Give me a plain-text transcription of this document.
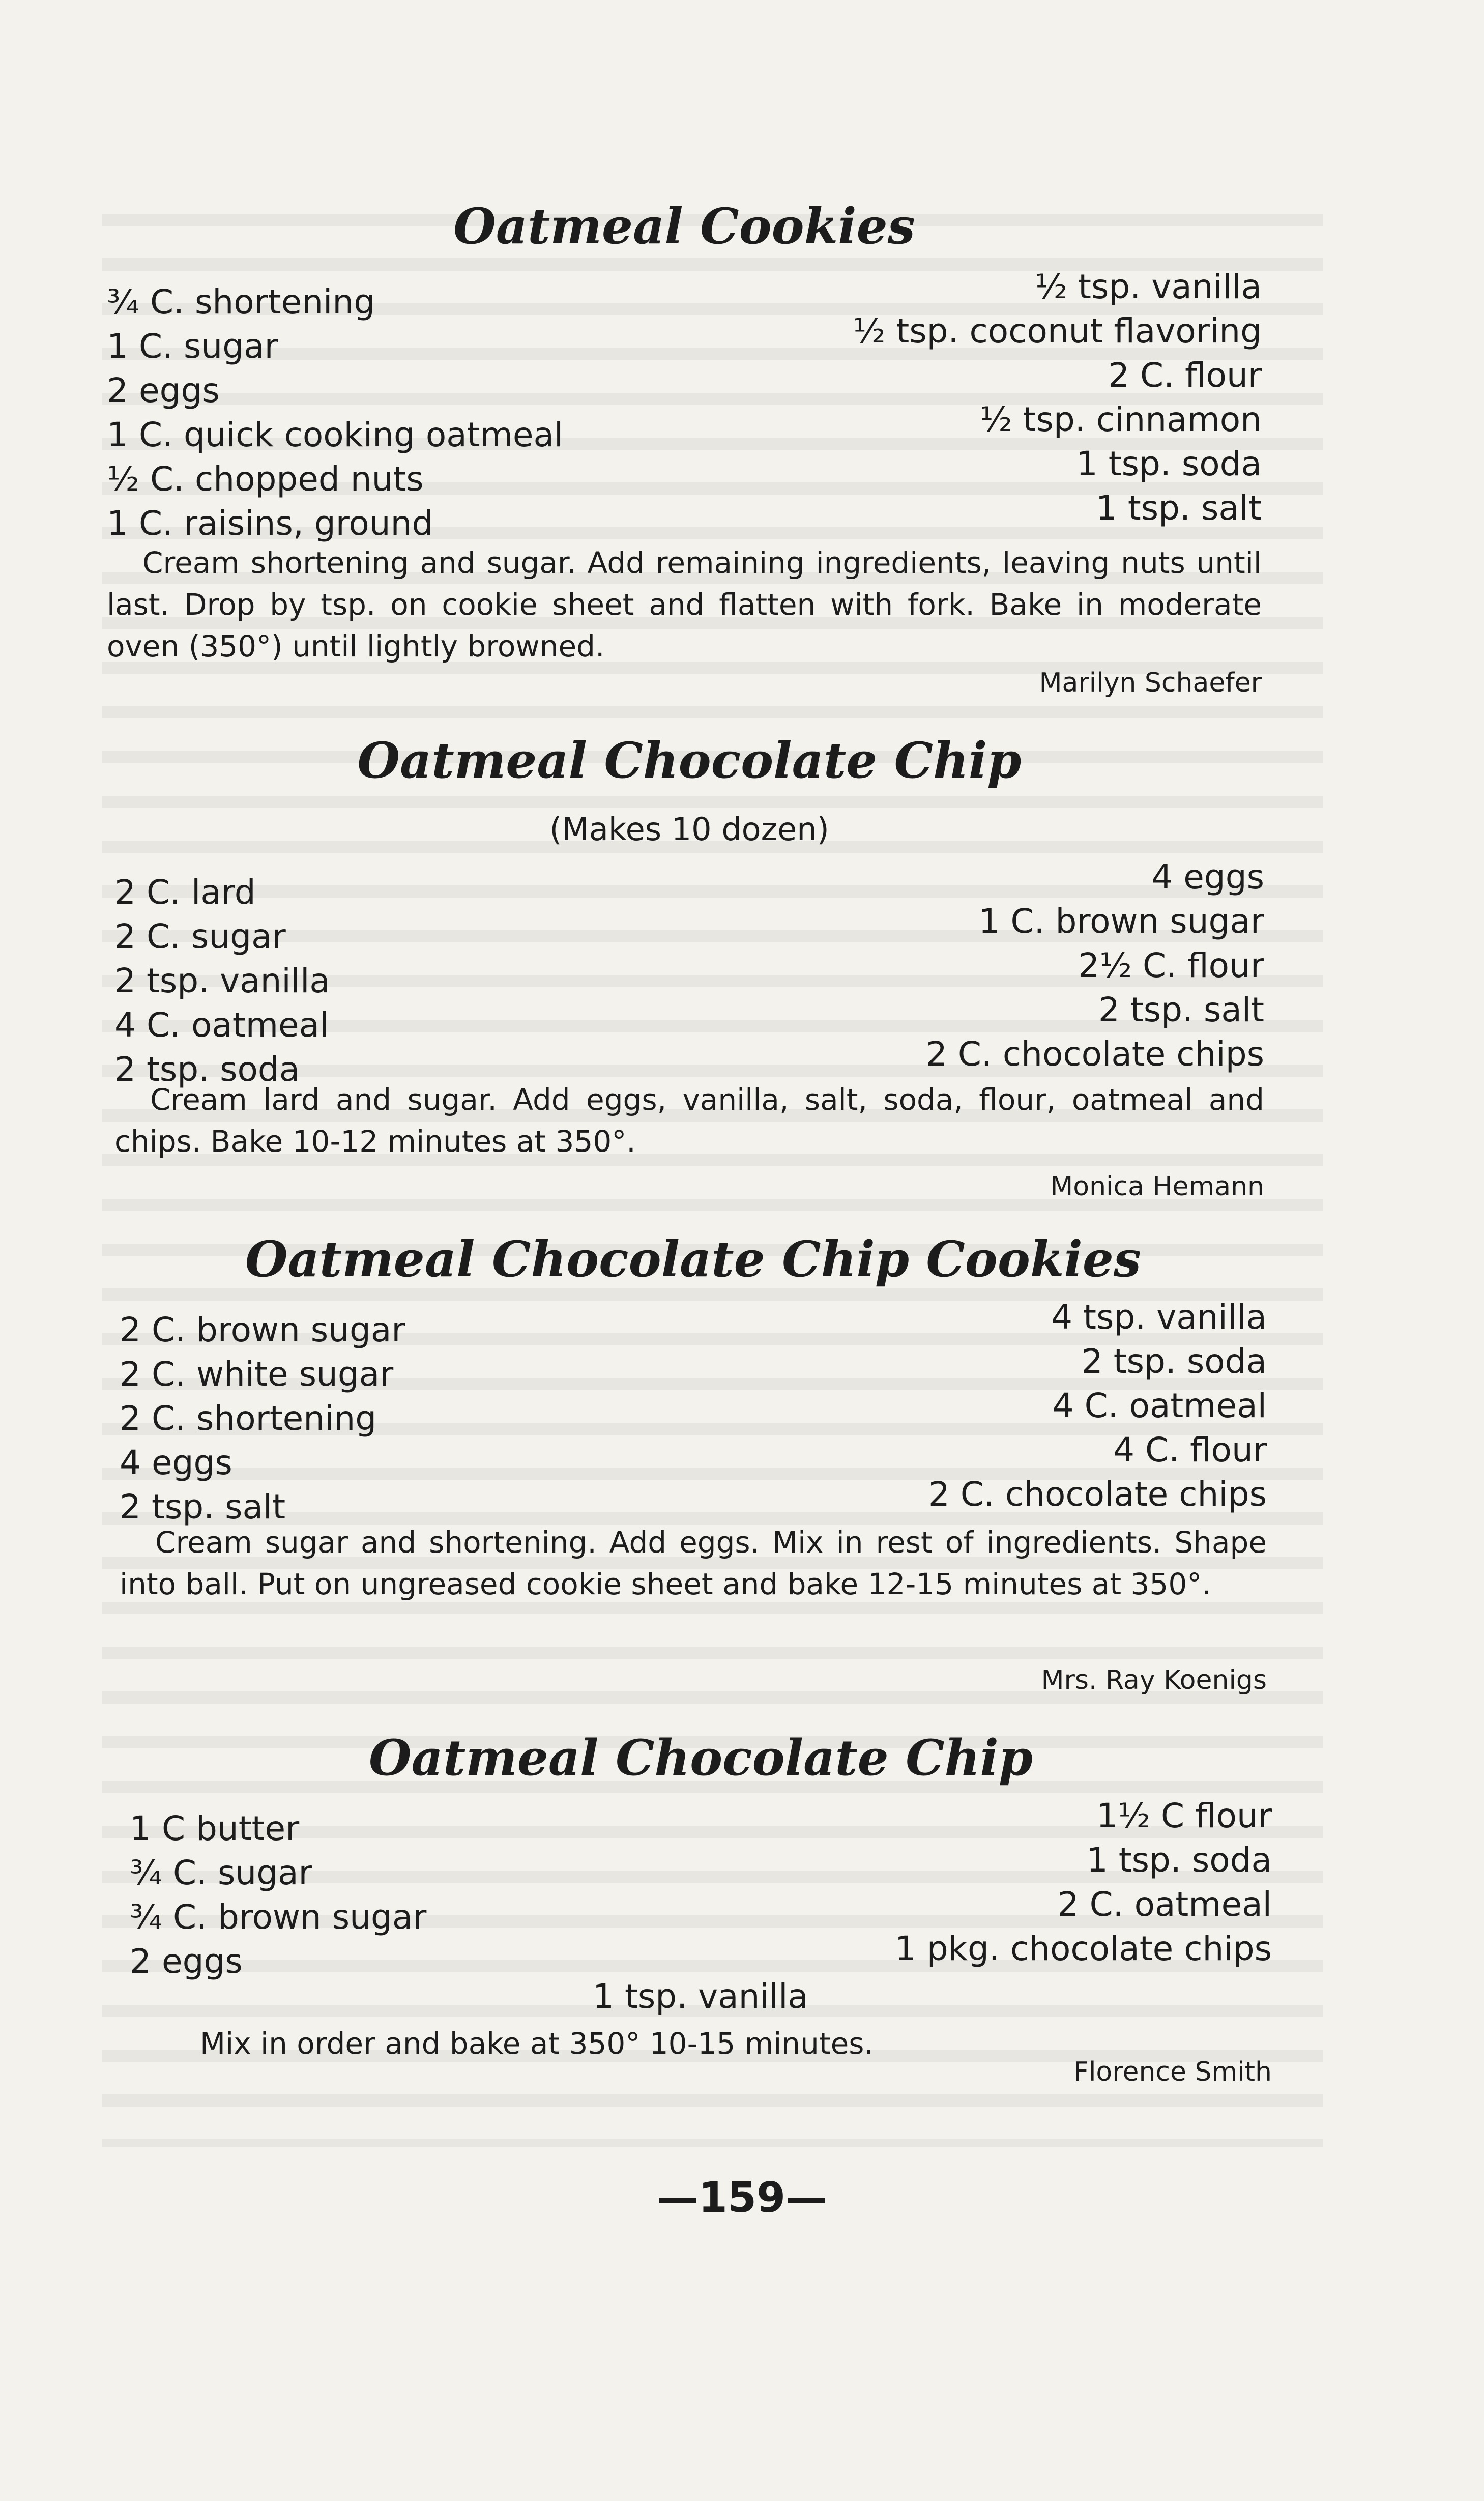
Oatmeal Cookies
¾ C. shortening
1 C. sugar
2 eggs
1 C. quick cooking oatmeal
½ C. chopped nuts
1 C. raisins, ground
½ tsp. vanilla
½ tsp. coconut flavoring
2 C. flour
½ tsp. cinnamon
1 tsp. soda
1 tsp. salt

Cream shortening and sugar. Add remaining ingredients, leaving nuts until last. Drop by tsp. on cookie sheet and flatten with fork. Bake in moderate oven (350°) until lightly browned.

Marilyn Schaefer
Oatmeal Chocolate Chip
(Makes 10 dozen)
2 C. lard
2 C. sugar
2 tsp. vanilla
4 C. oatmeal
2 tsp. soda
4 eggs
1 C. brown sugar
2½ C. flour
2 tsp. salt
2 C. chocolate chips

Cream lard and sugar. Add eggs, vanilla, salt, soda, flour, oatmeal and chips. Bake 10-12 minutes at 350°.

Monica Hemann
Oatmeal Chocolate Chip Cookies
2 C. brown sugar
2 C. white sugar
2 C. shortening
4 eggs
2 tsp. salt
4 tsp. vanilla
2 tsp. soda
4 C. oatmeal
4 C. flour
2 C. chocolate chips

Cream sugar and shortening. Add eggs. Mix in rest of ingredients. Shape into ball. Put on ungreased cookie sheet and bake 12-15 minutes at 350°.

Mrs. Ray Koenigs
Oatmeal Chocolate Chip
1 C butter
¾ C. sugar
¾ C. brown sugar
2 eggs
1½ C flour
1 tsp. soda
2 C. oatmeal
1 pkg. chocolate chips
1 tsp. vanilla

Mix in order and bake at 350° 10-15 minutes.

Florence Smith
—159—
